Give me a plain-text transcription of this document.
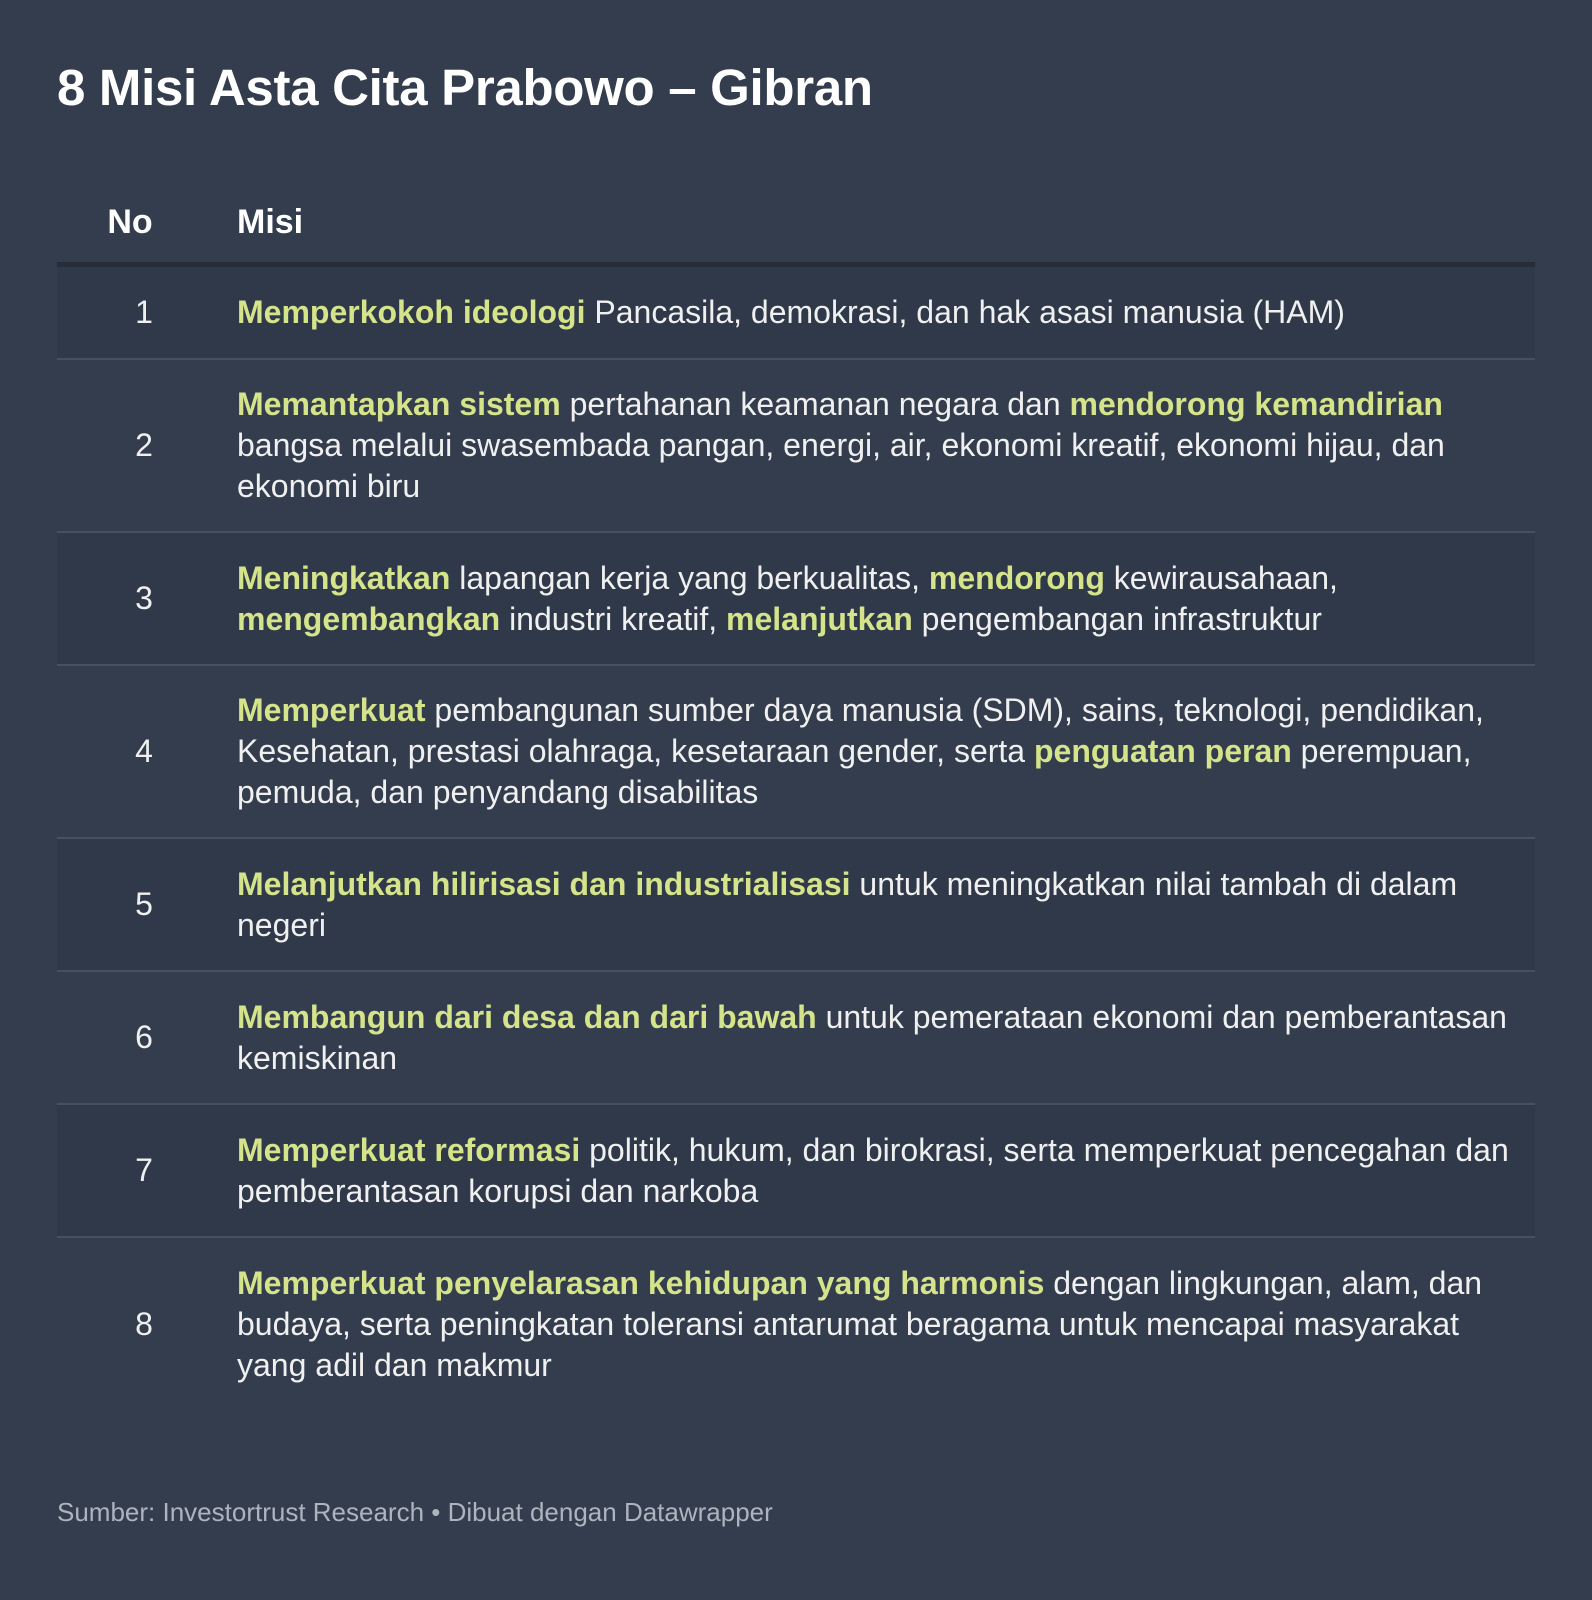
8 Misi Asta Cita Prabowo – Gibran
No	Misi
1	Memperkokoh ideologi Pancasila, demokrasi, dan hak asasi manusia (HAM)
2
Memantapkan sistem pertahanan keamanan negara dan mendorong kemandirian bangsa melalui swasembada pangan, energi, air, ekonomi kreatif, ekonomi hijau, dan ekonomi biru
3
Meningkatkan lapangan kerja yang berkualitas, mendorong kewirausahaan, mengembangkan industri kreatif, melanjutkan pengembangan infrastruktur
4
Memperkuat pembangunan sumber daya manusia (SDM), sains, teknologi, pendidikan, Kesehatan, prestasi olahraga, kesetaraan gender, serta penguatan peran perempuan, pemuda, dan penyandang disabilitas
5
Melanjutkan hilirisasi dan industrialisasi untuk meningkatkan nilai tambah di dalam negeri
6
Membangun dari desa dan dari bawah untuk pemerataan ekonomi dan pemberantasan kemiskinan
7
Memperkuat reformasi politik, hukum, dan birokrasi, serta memperkuat pencegahan dan pemberantasan korupsi dan narkoba
8
Memperkuat penyelarasan kehidupan yang harmonis dengan lingkungan, alam, dan budaya, serta peningkatan toleransi antarumat beragama untuk mencapai masyarakat yang adil dan makmur
Sumber: Investortrust Research • Dibuat dengan Datawrapper
